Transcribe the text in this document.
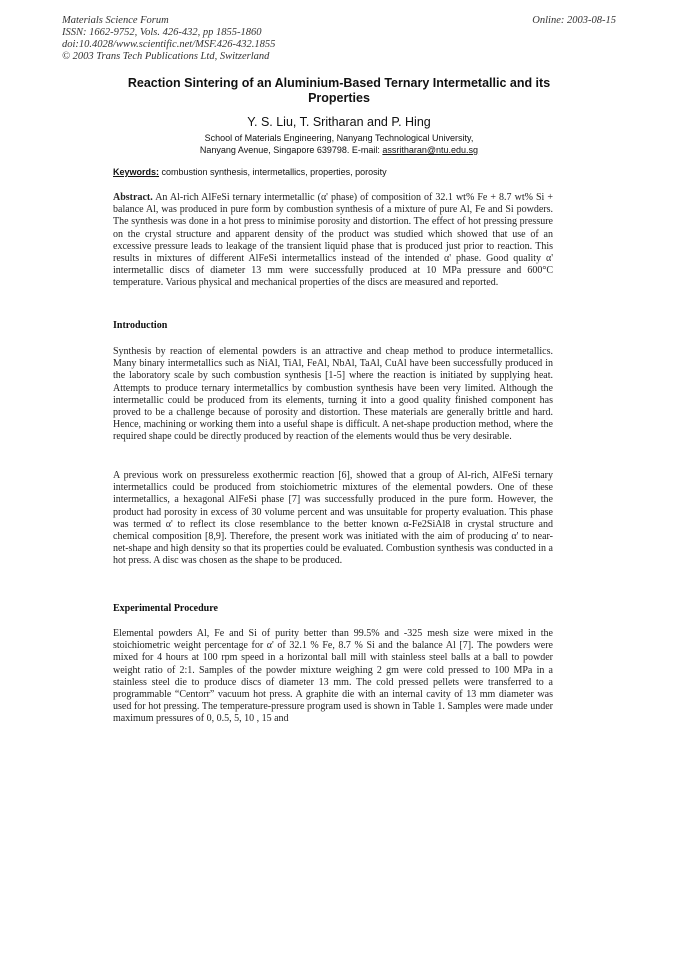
Materials Science Forum
ISSN: 1662-9752, Vols. 426-432, pp 1855-1860
doi:10.4028/www.scientific.net/MSF.426-432.1855
© 2003 Trans Tech Publications Ltd, Switzerland
Online: 2003-08-15
Reaction Sintering of an Aluminium-Based Ternary Intermetallic and its
Properties
Y. S. Liu, T. Sritharan and P. Hing
School of Materials Engineering, Nanyang Technological University,
Nanyang Avenue, Singapore 639798. E-mail: assritharan@ntu.edu.sg
Keywords: combustion synthesis, intermetallics, properties, porosity
Abstract. An Al-rich AlFeSi ternary intermetallic (α' phase) of composition of 32.1 wt% Fe + 8.7 wt% Si + balance Al, was produced in pure form by combustion synthesis of a mixture of pure Al, Fe and Si powders. The synthesis was done in a hot press to minimise porosity and distortion. The effect of hot pressing pressure on the crystal structure and apparent density of the product was studied which showed that use of an excessive pressure leads to leakage of the transient liquid phase that is produced just prior to reaction. This results in mixtures of different AlFeSi intermetallics instead of the intended α' phase. Good quality α' intermetallic discs of diameter 13 mm were successfully produced at 10 MPa pressure and 600°C temperature. Various physical and mechanical properties of the discs are measured and reported.
Introduction
Synthesis by reaction of elemental powders is an attractive and cheap method to produce intermetallics. Many binary intermetallics such as NiAl, TiAl, FeAl, NbAl, TaAl, CuAl have been successfully produced in the laboratory scale by such combustion synthesis [1-5] where the reaction is initiated by supplying heat. Attempts to produce ternary intermetallics by combustion synthesis have been very limited. Although the intermetallic could be produced from its elements, turning it into a good quality finished component has proved to be a challenge because of porosity and distortion. These materials are generally brittle and hard. Hence, machining or working them into a useful shape is difficult. A net-shape production method, where the required shape could be directly produced by reaction of the elements would thus be very desirable.
A previous work on pressureless exothermic reaction [6], showed that a group of Al-rich, AlFeSi ternary intermetallics could be produced from stoichiometric mixtures of the elemental powders. One of these intermetallics, a hexagonal AlFeSi phase [7] was successfully produced in the pure form. However, the product had porosity in excess of 30 volume percent and was unsuitable for property evaluation. This phase was termed α' to reflect its close resemblance to the better known α-Fe2SiAl8 in crystal structure and chemical composition [8,9]. Therefore, the present work was initiated with the aim of producing α' to near-net-shape and high density so that its properties could be evaluated. Combustion synthesis was conducted in a hot press. A disc was chosen as the shape to be produced.
Experimental Procedure
Elemental powders Al, Fe and Si of purity better than 99.5% and -325 mesh size were mixed in the stoichiometric weight percentage for α' of 32.1 % Fe, 8.7 % Si and the balance Al [7]. The powders were mixed for 4 hours at 100 rpm speed in a horizontal ball mill with stainless steel balls at a ball to powder weight ratio of 2:1. Samples of the powder mixture weighing 2 gm were cold pressed to 100 MPa in a stainless steel die to produce discs of diameter 13 mm. The cold pressed pellets were transferred to a programmable “Centorr” vacuum hot press. A graphite die with an internal cavity of 13 mm diameter was used for hot pressing. The temperature-pressure program used is shown in Table 1. Samples were made under maximum pressures of 0, 0.5, 5, 10 , 15 and
